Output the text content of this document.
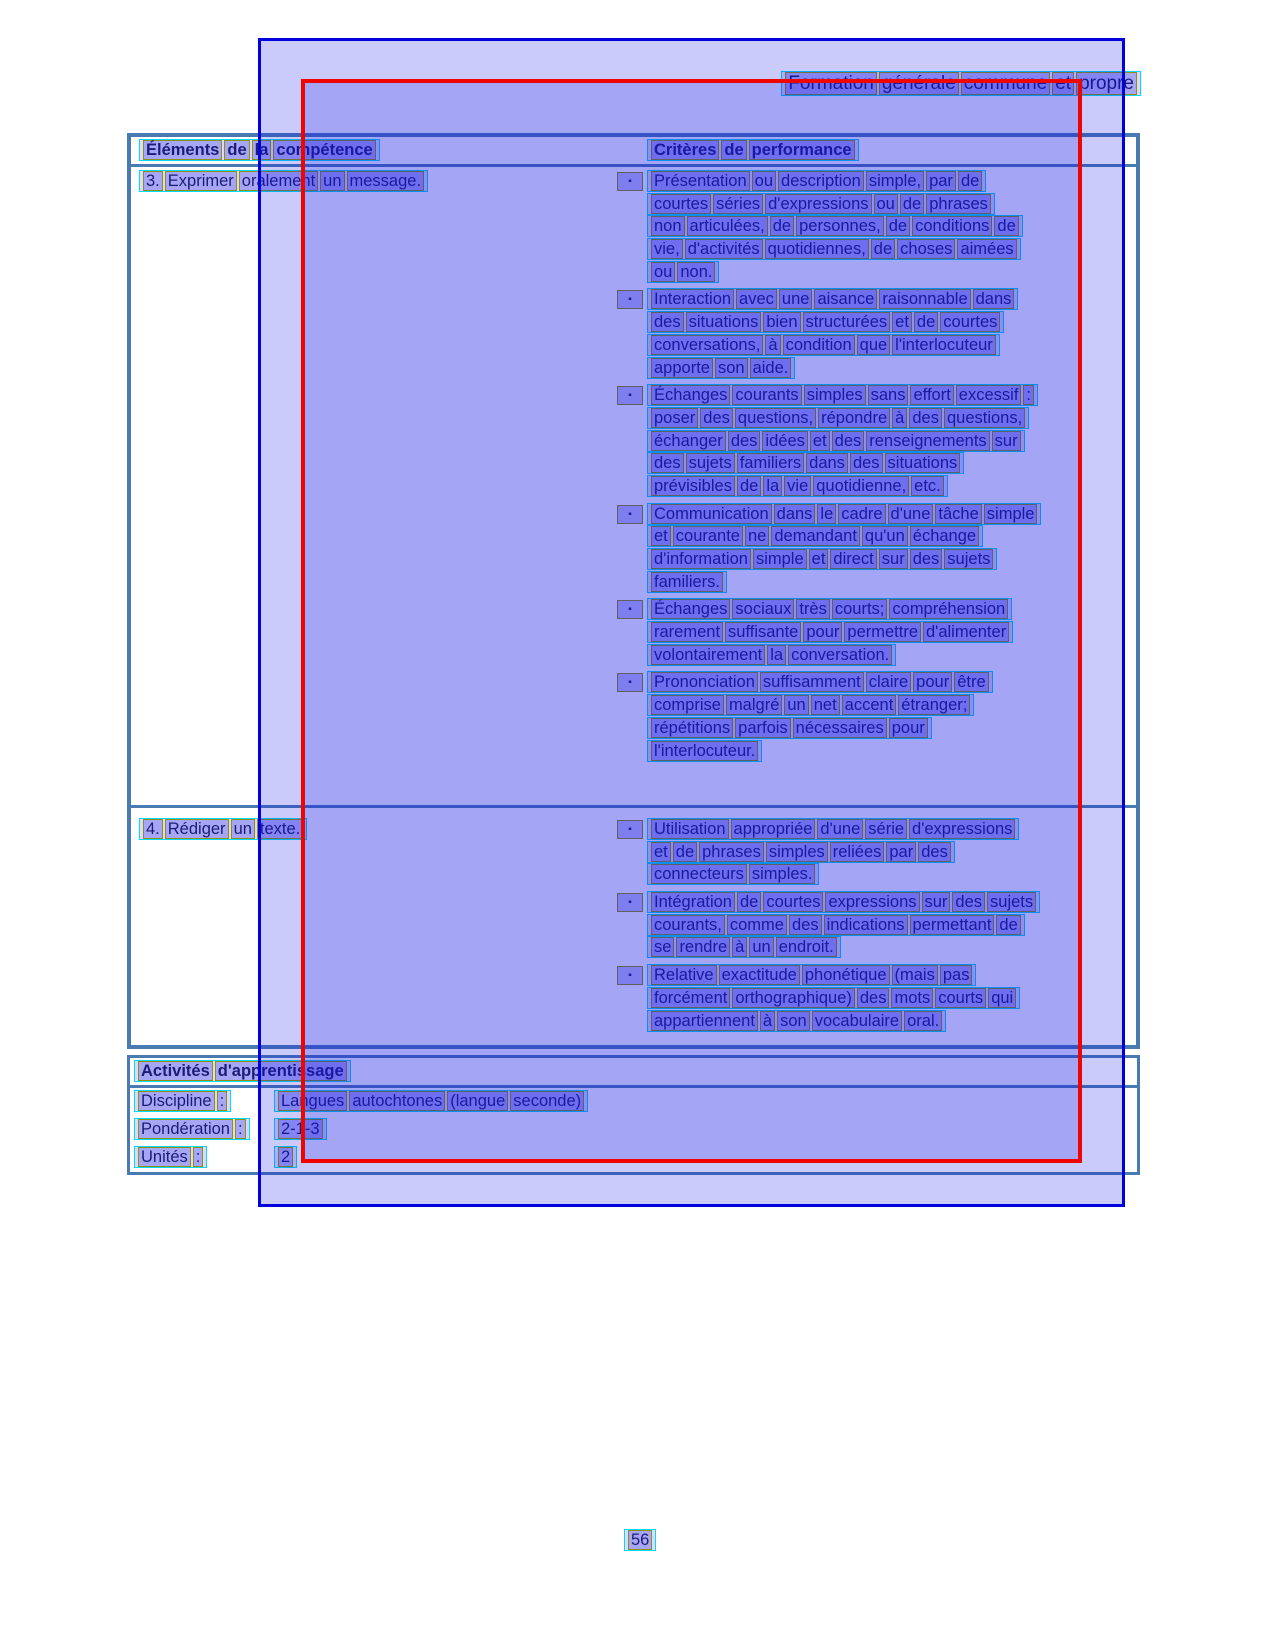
Formation générale commune et propre
Éléments de la compétence	Critères de performance
3. Exprimer oralement un message.	▪	Présentation ou description simple, par de
courtes séries d'expressions ou de phrases
non articulées, de personnes, de conditions de
vie, d'activités quotidiennes, de choses aimées
ou non.
▪	Interaction avec une aisance raisonnable dans
des situations bien structurées et de courtes
conversations, à condition que l'interlocuteur
apporte son aide.
▪	Échanges courants simples sans effort excessif :
poser des questions, répondre à des questions,
échanger des idées et des renseignements sur
des sujets familiers dans des situations
prévisibles de la vie quotidienne, etc.
▪	Communication dans le cadre d'une tâche simple
et courante ne demandant qu'un échange
d'information simple et direct sur des sujets
familiers.
▪	Échanges sociaux très courts; compréhension
rarement suffisante pour permettre d'alimenter
volontairement la conversation.
▪	Prononciation suffisamment claire pour être
comprise malgré un net accent étranger;
répétitions parfois nécessaires pour
l'interlocuteur.
4. Rédiger un texte.	▪	Utilisation appropriée d'une série d'expressions
et de phrases simples reliées par des
connecteurs simples.
▪	Intégration de courtes expressions sur des sujets
courants, comme des indications permettant de
se rendre à un endroit.
▪	Relative exactitude phonétique (mais pas
forcément orthographique) des mots courts qui
appartiennent à son vocabulaire oral.
Activités d'apprentissage
Discipline :	Langues autochtones (langue seconde)
Pondération :	2-1-3
Unités :	2
56
